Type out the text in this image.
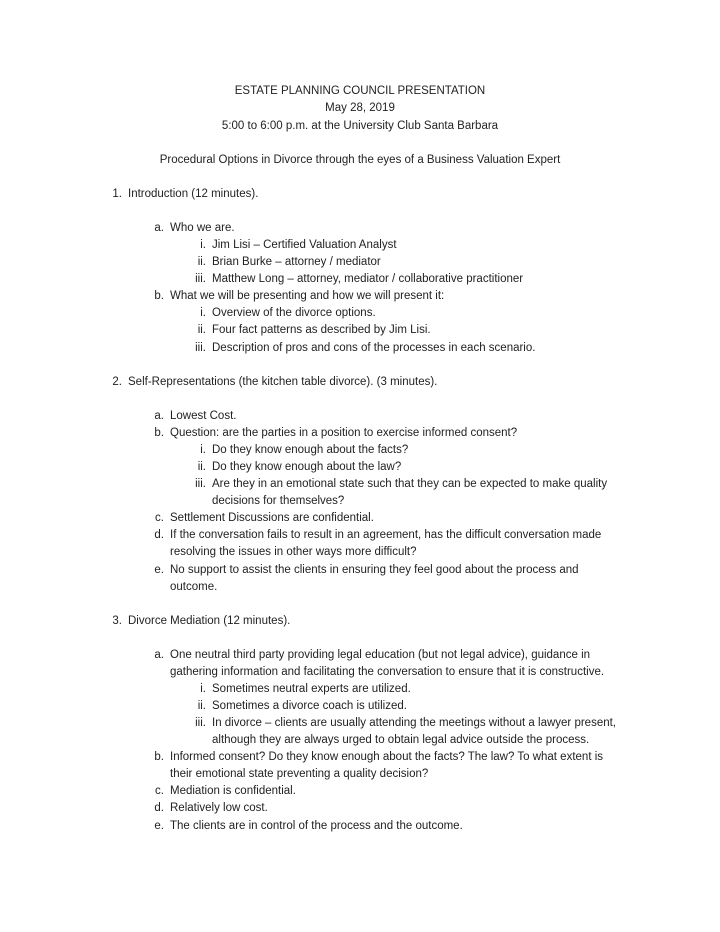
ESTATE PLANNING COUNCIL PRESENTATION
May 28, 2019
5:00 to 6:00 p.m. at the University Club Santa Barbara
Procedural Options in Divorce through the eyes of a Business Valuation Expert
1. Introduction (12 minutes).
a. Who we are.
i. Jim Lisi – Certified Valuation Analyst
ii. Brian Burke – attorney / mediator
iii. Matthew Long – attorney, mediator / collaborative practitioner
b. What we will be presenting and how we will present it:
i. Overview of the divorce options.
ii. Four fact patterns as described by Jim Lisi.
iii. Description of pros and cons of the processes in each scenario.
2. Self-Representations (the kitchen table divorce). (3 minutes).
a. Lowest Cost.
b. Question: are the parties in a position to exercise informed consent?
i. Do they know enough about the facts?
ii. Do they know enough about the law?
iii. Are they in an emotional state such that they can be expected to make quality
decisions for themselves?
c. Settlement Discussions are confidential.
d. If the conversation fails to result in an agreement, has the difficult conversation made
resolving the issues in other ways more difficult?
e. No support to assist the clients in ensuring they feel good about the process and
outcome.
3. Divorce Mediation (12 minutes).
a. One neutral third party providing legal education (but not legal advice), guidance in
gathering information and facilitating the conversation to ensure that it is constructive.
i. Sometimes neutral experts are utilized.
ii. Sometimes a divorce coach is utilized.
iii. In divorce – clients are usually attending the meetings without a lawyer present,
although they are always urged to obtain legal advice outside the process.
b. Informed consent? Do they know enough about the facts? The law? To what extent is
their emotional state preventing a quality decision?
c. Mediation is confidential.
d. Relatively low cost.
e. The clients are in control of the process and the outcome.
